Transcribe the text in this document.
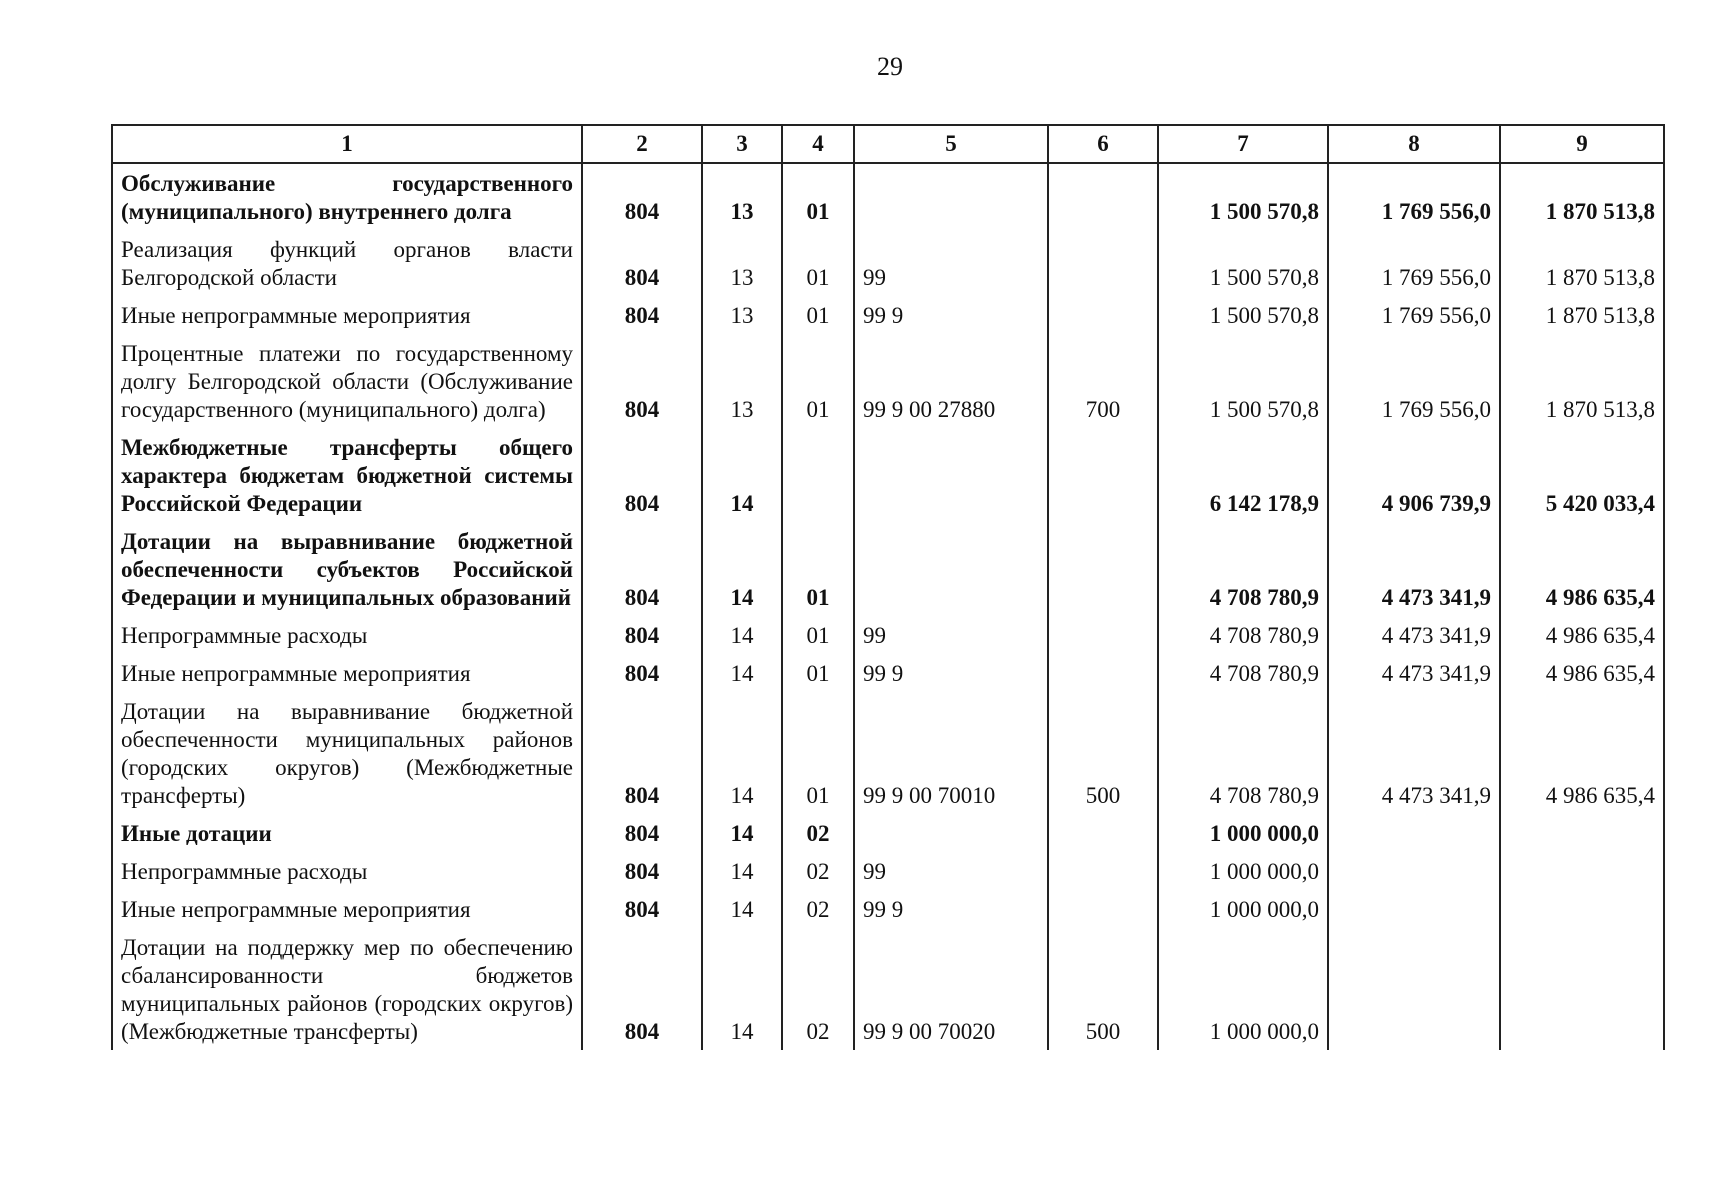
29
1	2	3	4	5	6	7	8	9
Обслуживание государственного (муниципального) внутреннего долга	804	13	01			1 500 570,8	1 769 556,0	1 870 513,8
Реализация функций органов власти Белгородской области	804	13	01	99		1 500 570,8	1 769 556,0	1 870 513,8
Иные непрограммные мероприятия	804	13	01	99 9		1 500 570,8	1 769 556,0	1 870 513,8
Процентные платежи по государственному долгу Белгородской области (Обслуживание государственного (муниципального) долга)	804	13	01	99 9 00 27880	700	1 500 570,8	1 769 556,0	1 870 513,8
Межбюджетные трансферты общего характера бюджетам бюджетной системы Российской Федерации	804	14				6 142 178,9	4 906 739,9	5 420 033,4
Дотации на выравнивание бюджетной обеспеченности субъектов Российской Федерации и муниципальных образований	804	14	01			4 708 780,9	4 473 341,9	4 986 635,4
Непрограммные расходы	804	14	01	99		4 708 780,9	4 473 341,9	4 986 635,4
Иные непрограммные мероприятия	804	14	01	99 9		4 708 780,9	4 473 341,9	4 986 635,4
Дотации на выравнивание бюджетной обеспеченности муниципальных районов (городских округов) (Межбюджетные трансферты)	804	14	01	99 9 00 70010	500	4 708 780,9	4 473 341,9	4 986 635,4
Иные дотации	804	14	02			1 000 000,0		
Непрограммные расходы	804	14	02	99		1 000 000,0		
Иные непрограммные мероприятия	804	14	02	99 9		1 000 000,0		
Дотации на поддержку мер по обеспечению сбалансированности бюджетов муниципальных районов (городских округов) (Межбюджетные трансферты)	804	14	02	99 9 00 70020	500	1 000 000,0		
